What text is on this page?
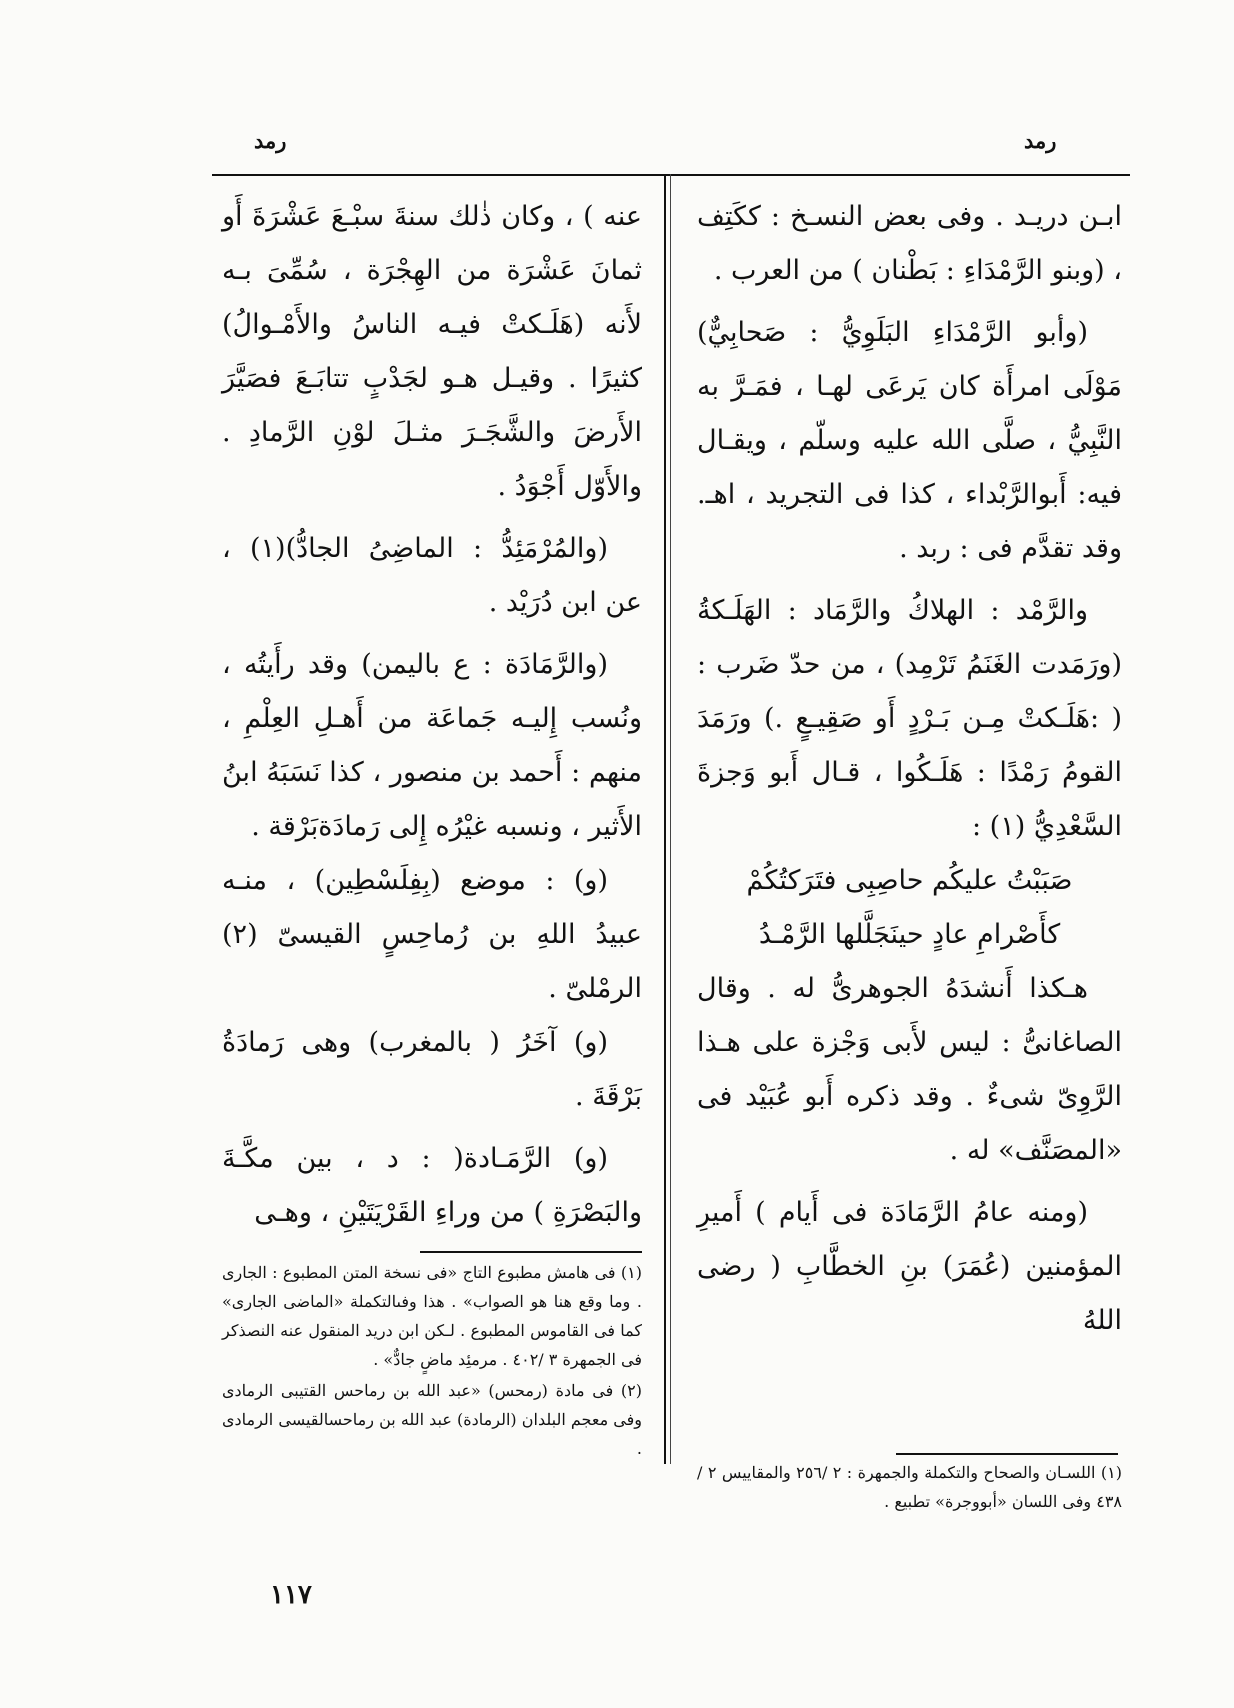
رمد
رمد

ابـن دريـد . وفى بعض النسـخ : ككَتِف ، (وبنو الرَّمْدَاءِ : بَطْنان ) من العرب .

(وأبو الرَّمْدَاءِ البَلَوِيُّ : صَحابِيٌّ) مَوْلَى امرأَة كان يَرعَى لهـا ، فمَـرَّ به النَّبِيُّ ، صلَّى الله عليه وسلّم ، ويقـال فيه: أَبوالرَّبْداء ، كذا فى التجريد ، اهـ. وقد تقدَّم فى : ربد .

والرَّمْد : الهلاكُ والرَّمَاد : الهَلَـكةُ (ورَمَدت الغَنَمُ تَرْمِد) ، من حدّ ضَرب : ( :هَلَـكتْ مِـن بَـرْدٍ أَو صَقِيـعٍ .) ورَمَدَ القومُ رَمْدًا : هَلَـكُوا ، قـال أَبو وَجزةَ السَّعْدِيُّ (١) :

صَبَبْتُ عليكُم حاصِبِى فتَرَكتُكُمْ

كأَصْرامِ عادٍ حينَجَلَّلها الرَّمْـدُ

هـكذا أَنشدَهُ الجوهرىُّ له . وقال الصاغانىُّ : ليس لأَبى وَجْزة على هـذا الرَّوِىّ شىءٌ . وقد ذكره أَبو عُبَيْد فى «المصَنَّف» له .

(ومنه عامُ الرَّمَادَة فى أَيام ) أَميرِ المؤمنين (عُمَرَ) بنِ الخطَّابِ ( رضى اللهُ

عنه ) ، وكان ذٰلك سنةَ سبْـعَ عَشْرَةَ أَو ثمانَ عَشْرَة من الهِجْرَة ، سُمِّىَ بـه لأَنه (هَلَـكتْ فيـه الناسُ والأَمْـوالُ) كثيرًا . وقيـل هـو لجَدْبٍ تتابَـعَ فصَيَّرَ الأَرضَ والشَّجَـرَ مثـلَ لوْنِ الرَّمادِ . والأَوّل أَجْوَدُ .

(والمُرْمَئِدُّ : الماضِىُ الجادُّ)(١) ، عن ابن دُرَيْد .

(والرَّمَادَة : ع باليمن) وقد رأَيتُه ، ونُسب إِليـه جَماعَة من أَهـلِ العِلْمِ ، منهم : أَحمد بن منصور ، كذا نَسَبَهُ ابنُ الأَثير ، ونسبه غيْرُه إِلى رَمادَةبَرْقة .

(و) : موضع (بِفِلَسْطِين) ، منـه عبيدُ اللهِ بن رُماحِسٍ القيسىّ (٢) الرمْلىّ .

(و) آخَرُ ( بالمغرب) وهى رَمادَةُ بَرْقَةَ .

(و) الرَّمَـادة( : د ، بين مكَّـةَ والبَصْرَةِ ) من وراءِ القَرْيَتَيْنِ ، وهـى

(١) اللسـان والصحاح والتكملة والجمهرة : ٢ /٢٥٦ والمقاييس ٢ /٤٣٨ وفى اللسان «أبووجرة» تطبيع .

(١) فى هامش مطبوع التاج «فى نسخة المتن المطبوع : الجارى . وما وقع هنا هو الصواب» . هذا وفىالتكملة «الماضى الجارى» كما فى القاموس المطبوع . لـكن ابن دريد المنقول عنه النصذكر فى الجمهرة ٣ /٤٠٢ . مرمئِد ماضٍ جادٌّ» .

(٢) فى مادة (رمحس) «عبد الله بن رماحس القتيبى الرمادى وفى معجم البلدان (الرمادة) عبد الله بن رماحسالقيسى الرمادى .

١١٧
